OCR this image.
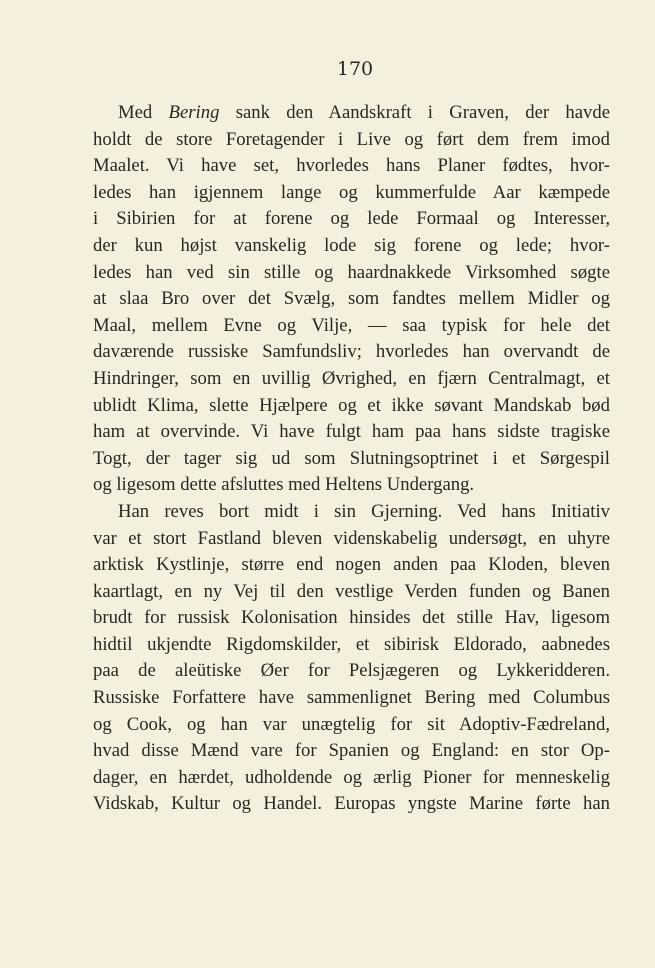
170
Med Bering sank den Aandskraft i Graven, der havde
holdt de store Foretagender i Live og ført dem frem imod
Maalet. Vi have set, hvorledes hans Planer fødtes, hvor-
ledes han igjennem lange og kummerfulde Aar kæmpede
i Sibirien for at forene og lede Formaal og Interesser,
der kun højst vanskelig lode sig forene og lede; hvor-
ledes han ved sin stille og haardnakkede Virksomhed søgte
at slaa Bro over det Svælg, som fandtes mellem Midler og
Maal, mellem Evne og Vilje, — saa typisk for hele det
daværende russiske Samfundsliv; hvorledes han overvandt de
Hindringer, som en uvillig Øvrighed, en fjærn Centralmagt, et
ublidt Klima, slette Hjælpere og et ikke søvant Mandskab bød
ham at overvinde. Vi have fulgt ham paa hans sidste tragiske
Togt, der tager sig ud som Slutningsoptrinet i et Sørgespil
og ligesom dette afsluttes med Heltens Undergang.
Han reves bort midt i sin Gjerning. Ved hans Initiativ
var et stort Fastland bleven videnskabelig undersøgt, en uhyre
arktisk Kystlinje, større end nogen anden paa Kloden, bleven
kaartlagt, en ny Vej til den vestlige Verden funden og Banen
brudt for russisk Kolonisation hinsides det stille Hav, ligesom
hidtil ukjendte Rigdomskilder, et sibirisk Eldorado, aabnedes
paa de aleütiske Øer for Pelsjægeren og Lykkeridderen.
Russiske Forfattere have sammenlignet Bering med Columbus
og Cook, og han var unægtelig for sit Adoptiv-Fædreland,
hvad disse Mænd vare for Spanien og England: en stor Op-
dager, en hærdet, udholdende og ærlig Pioner for menneskelig
Vidskab, Kultur og Handel. Europas yngste Marine førte han
